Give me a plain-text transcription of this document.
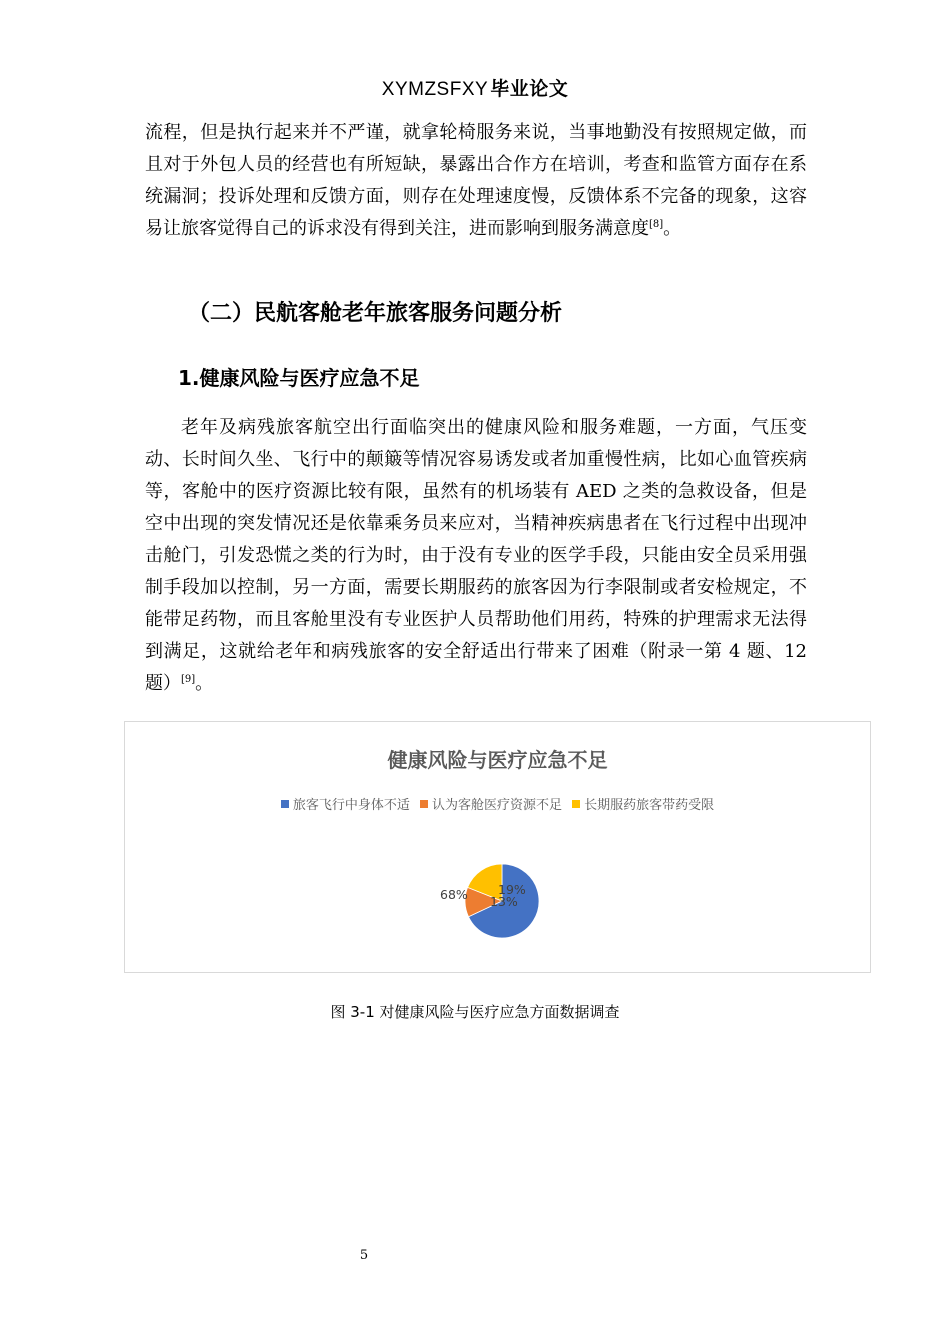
XYMZSFXY 毕业论文

流程，但是执行起来并不严谨，就拿轮椅服务来说，当事地勤没有按照规定做，而且对于外包人员的经营也有所短缺，暴露出合作方在培训，考查和监管方面存在系统漏洞；投诉处理和反馈方面，则存在处理速度慢，反馈体系不完备的现象，这容易让旅客觉得自己的诉求没有得到关注，进而影响到服务满意度[8]。

（二）民航客舱老年旅客服务问题分析
1.健康风险与医疗应急不足

老年及病残旅客航空出行面临突出的健康风险和服务难题，一方面，气压变动、长时间久坐、飞行中的颠簸等情况容易诱发或者加重慢性病，比如心血管疾病等，客舱中的医疗资源比较有限，虽然有的机场装有 AED 之类的急救设备，但是空中出现的突发情况还是依靠乘务员来应对，当精神疾病患者在飞行过程中出现冲击舱门，引发恐慌之类的行为时，由于没有专业的医学手段，只能由安全员采用强制手段加以控制，另一方面，需要长期服药的旅客因为行李限制或者安检规定，不能带足药物，而且客舱里没有专业医护人员帮助他们用药，特殊的护理需求无法得到满足，这就给老年和病残旅客的安全舒适出行带来了困难（附录一第 4 题、12 题）[9]。

健康风险与医疗应急不足
旅客飞行中身体不适 认为客舱医疗资源不足 长期服药旅客带药受限
68% 13%
19%
图 3-1 对健康风险与医疗应急方面数据调查
5
